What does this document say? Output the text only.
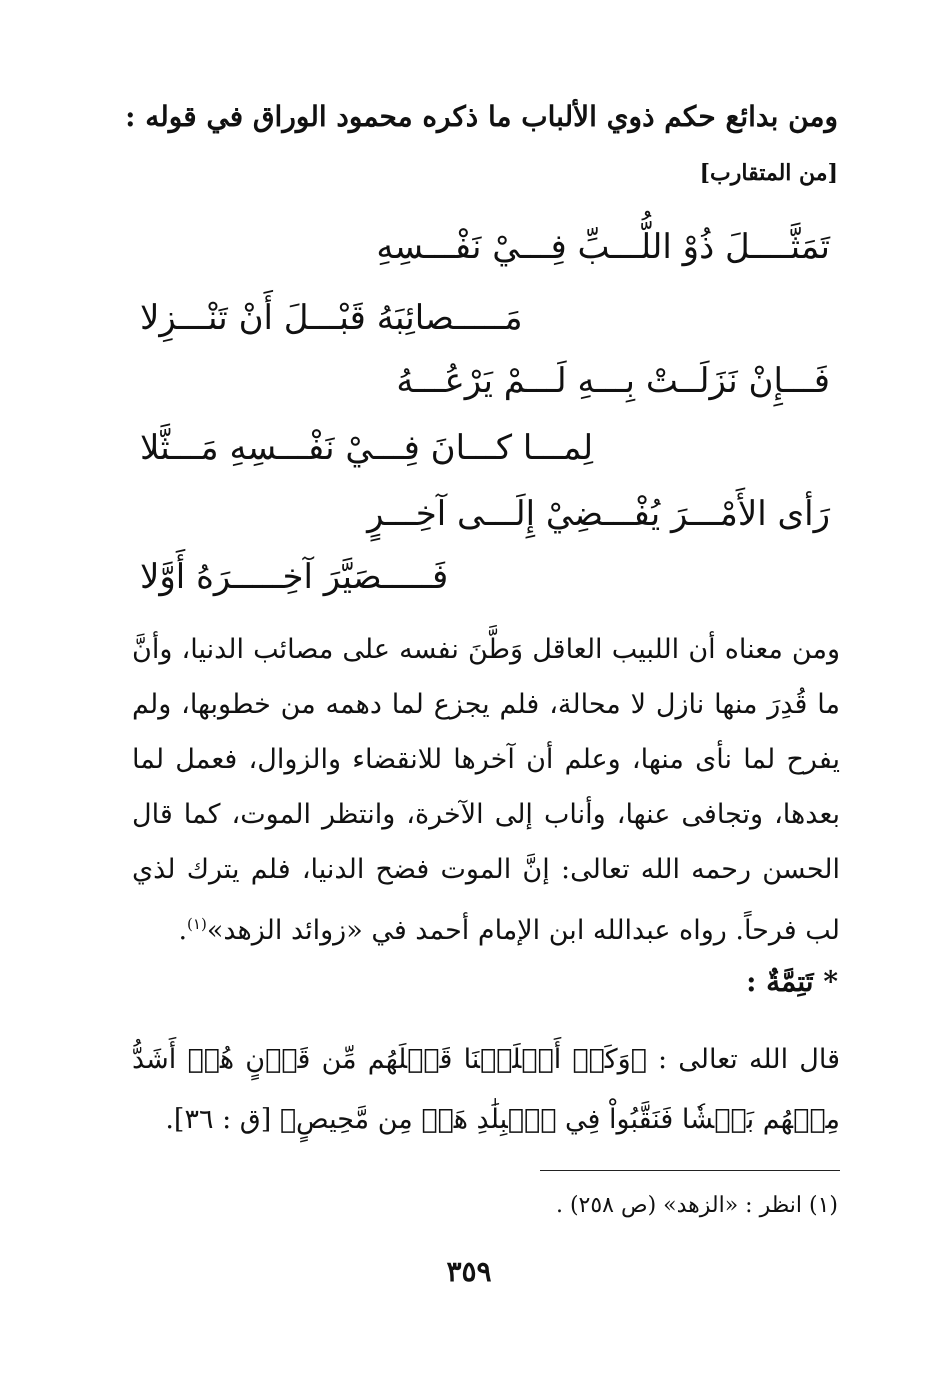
ومن بدائع حكم ذوي الألباب ما ذكره محمود الوراق في قوله :
[من المتقارب]
تَمَثَّــــلَ ذُوْ اللُّـــبِّ فِـــيْ نَفْـــسِهِ
مَـــــصائِبَهُ قَبْـــلَ أَنْ تَنْـــزِلا
فَـــإِنْ نَزَلَــتْ بِـــهِ لَـــمْ يَرْعُـــهُ
لِمـــا كـــانَ فِـــيْ نَفْـــسِهِ مَـــثَّلا
رَأى الأَمْـــرَ يُفْـــضِيْ إِلَـــى آخِـــرٍ
فَـــــصَيَّرَ آخِـــــرَهُ أَوَّلا

ومن معناه أن اللبيب العاقل وَطَّنَ نفسه على مصائب الدنيا، وأنَّ ما قُدِرَ منها نازل لا محالة، فلم يجزع لما دهمه من خطوبها، ولم يفرح لما نأى منها، وعلم أن آخرها للانقضاء والزوال، فعمل لما بعدها، وتجافى عنها، وأناب إلى الآخرة، وانتظر الموت، كما قال الحسن رحمه الله تعالى: إنَّ الموت فضح الدنيا، فلم يترك لذي لب فرحاً. رواه عبدالله ابن الإمام أحمد في «زوائد الزهد»$^{(١)}$.

* تَتِمَّةٌ :

قال الله تعالى : ﴿وَكَمۡ أَهۡلَكۡنَا قَبۡلَهُم مِّن قَرۡنٍ هُمۡ أَشَدُّ مِنۡهُم بَطۡشٗا فَنَقَّبُواْ فِي ٱلۡبِلَٰدِ هَلۡ مِن مَّحِيصٍ﴾ [ق : ٣٦].

(١) انظر : «الزهد» (ص ٢٥٨) .
٣٥٩
